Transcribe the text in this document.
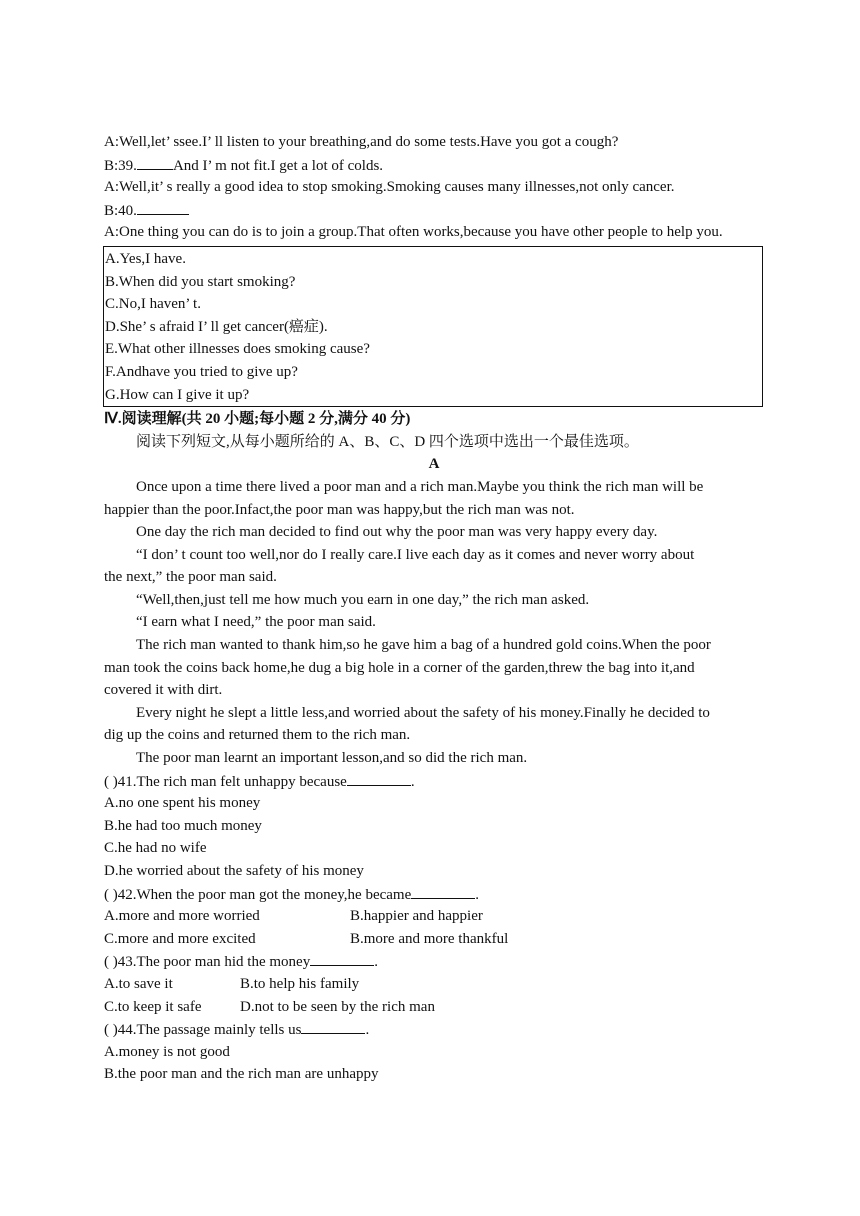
A:Well,let’ ssee.I’ ll listen to your breathing,and do some tests.Have you got a cough?
B:39. And I’ m not fit.I get a lot of colds.
A:Well,it’ s really a good idea to stop smoking.Smoking causes many illnesses,not only cancer.
B:40.
A:One thing you can do is to join a group.That often works,because you have other people to help you.
A.Yes,I have.
B.When did you start smoking?
C.No,I haven’ t.
D.She’ s afraid I’ ll get cancer(癌症).
E.What other illnesses does smoking cause?
F.Andhave you tried to give up?
G.How can I give it up?
Ⅳ.阅读理解(共 20 小题;每小题 2 分,满分 40 分)
阅读下列短文,从每小题所给的 A、B、C、D 四个选项中选出一个最佳选项。
A
Once upon a time there lived a poor man and a rich man.Maybe you think the rich man will be
happier than the poor.Infact,the poor man was happy,but the rich man was not.
One day the rich man decided to find out why the poor man was very happy every day.
“I don’ t count too well,nor do I really care.I live each day as it comes and never worry about
the next,” the poor man said.
“Well,then,just tell me how much you earn in one day,” the rich man asked.
“I earn what I need,” the poor man said.
The rich man wanted to thank him,so he gave him a bag of a hundred gold coins.When the poor
man took the coins back home,he dug a big hole in a corner of the garden,threw the bag into it,and
covered it with dirt.
Every night he slept a little less,and worried about the safety of his money.Finally he decided to
dig up the coins and returned them to the rich man.
The poor man learnt an important lesson,and so did the rich man.
( )41.The rich man felt unhappy because	.
A.no one spent his money
B.he had too much money
C.he had no wife
D.he worried about the safety of his money
( )42.When the poor man got the money,he became	.
A.more and more worried	B.happier and happier
C.more and more excited	B.more and more thankful
( )43.The poor man hid the money	.
A.to save it	B.to help his family
C.to keep it safe	D.not to be seen by the rich man
( )44.The passage mainly tells us	.
A.money is not good
B.the poor man and the rich man are unhappy
